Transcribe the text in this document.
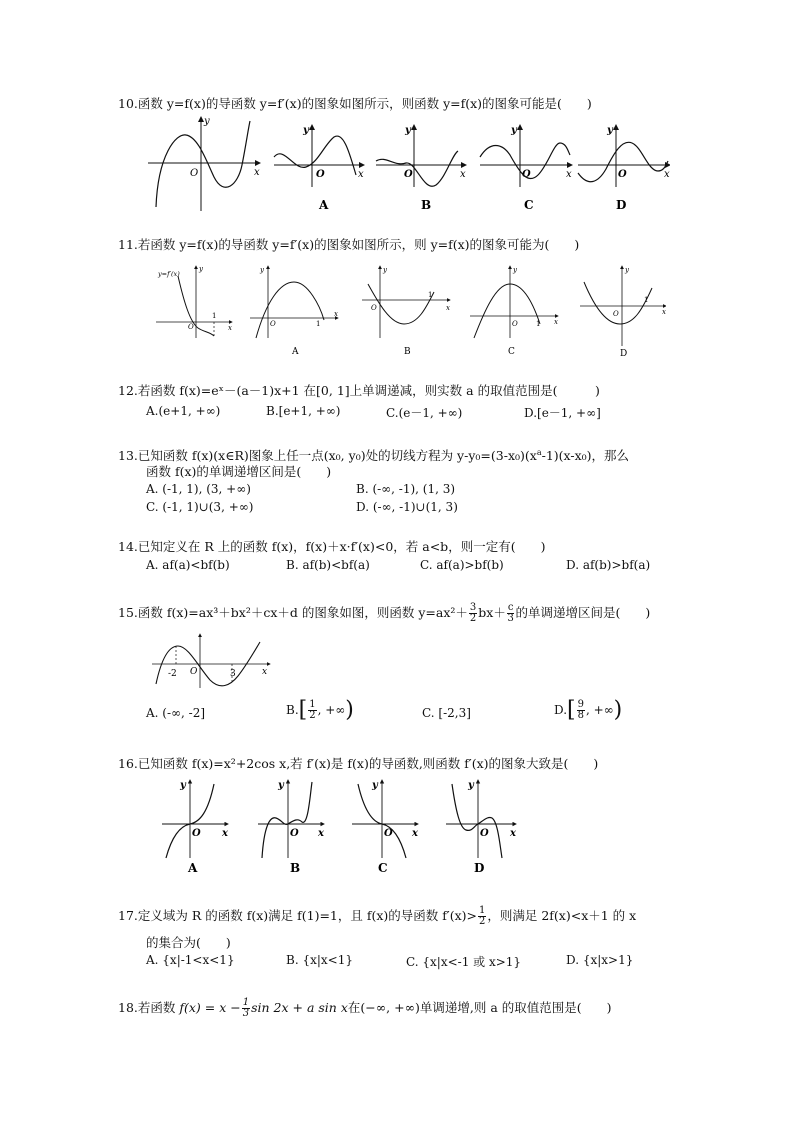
10.函数 y=f(x)的导函数 y=f′(x)的图象如图所示，则函数 y=f(x)的图象可能是(　　)
y
x
O
y
x
O
A
y
x
O
B
y
x
O
C
y
x
O
D
11.若函数 y=f(x)的导函数 y=f′(x)的图象如图所示，则 y=f(x)的图象可能为(　　)
y=f′(x)
y
x
O
1
y
x
O	1
A
y
x
O
1
B
y
x
O	1
C
y
x
O
1
D
12.若函数 f(x)=eˣ－(a－1)x+1 在[0, 1]上单调递减，则实数 a 的取值范围是(　　　)
A.(e+1, +∞)	B.[e+1, +∞)	C.(e－1, +∞)	D.[e－1, +∞]
13.已知函数 f(x)(x∈R)图象上任一点(x₀, y₀)处的切线方程为 $y-y_0=(3-x_0)(x^a-1)(x-x_0)$，那么
函数 f(x)的单调递增区间是(　　)
A. (-1, 1), (3, +∞)	B. (-∞, -1), (1, 3)
C. (-1, 1)∪(3, +∞)	D. (-∞, -1)∪(1, 3)
14.已知定义在 R 上的函数 f(x)，f(x)＋x·f′(x)<0，若 a<b，则一定有(　　)
A. af(a)<bf(b)	B. af(b)<bf(a)	C. af(a)>bf(b)	D. af(b)>bf(a)
15.函数 f(x)=ax³＋bx²＋cx＋d 的图象如图，则函数 $y=ax^2+ \frac{3}{2} bx+ \frac{c}{3}$ 的单调递增区间是(　　)
-2 O	3	x
A. (-∞, -2]	$B.[ \frac{1}{2}$ , +∞)	C. [-2,3]	$D.[ \frac{9}{8}$ , +∞)
16.已知函数 f(x)=x²+2cos x,若 f′(x)是 f(x)的导函数,则函数 f′(x)的图象大致是(　　)
y
x
O
A
y
x
O
B
y
x
O
C
y
x
O
D
17.定义域为 R 的函数 f(x)满足 f(1)=1，且 f(x)的导函数 $f'(x)> \frac{1}{2}$ ，则满足 2f(x)<x＋1 的 x
的集合为(　　)
A. {x|-1<x<1}	B. {x|x<1}	C. {x|x<-1 或 x>1}	D. {x|x>1}
18.若函数 $f(x) = x - \frac{1}{3}$ sin 2x + a sin x在(−∞, +∞)单调递增,则 a 的取值范围是(　　)
